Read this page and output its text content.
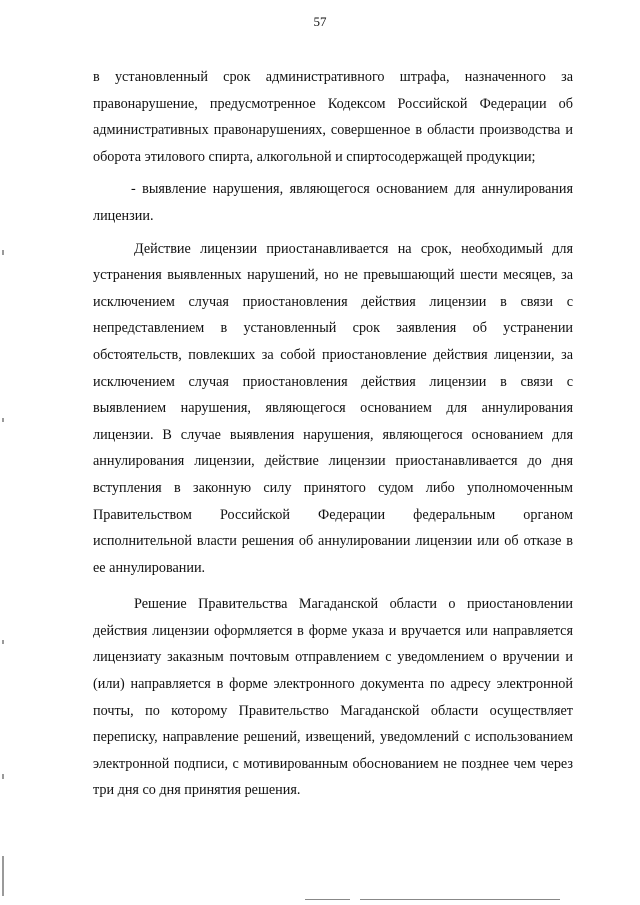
57

в установленный срок административного штрафа, назначенного за правонарушение, предусмотренное Кодексом Российской Федерации об административных правонарушениях, совершенное в области производства и оборота этилового спирта, алкогольной и спиртосодержащей продукции;

- выявление нарушения, являющегося основанием для аннулирования лицензии.

Действие лицензии приостанавливается на срок, необходимый для устранения выявленных нарушений, но не превышающий шести месяцев, за исключением случая приостановления действия лицензии в связи с непредставлением в установленный срок заявления об устранении обстоятельств, повлекших за собой приостановление действия лицензии, за исключением случая приостановления действия лицензии в связи с выявлением нарушения, являющегося основанием для аннулирования лицензии. В случае выявления нарушения, являющегося основанием для аннулирования лицензии, действие лицензии приостанавливается до дня вступления в законную силу принятого судом либо уполномоченным Правительством Российской Федерации федеральным органом исполнительной власти решения об аннулировании лицензии или об отказе в ее аннулировании.

Решение Правительства Магаданской области о приостановлении действия лицензии оформляется в форме указа и вручается или направляется лицензиату заказным почтовым отправлением с уведомлением о вручении и (или) направляется в форме электронного документа по адресу электронной почты, по которому Правительство Магаданской области осуществляет переписку, направление решений, извещений, уведомлений с использованием электронной подписи, с мотивированным обоснованием не позднее чем через три дня со дня принятия решения.
